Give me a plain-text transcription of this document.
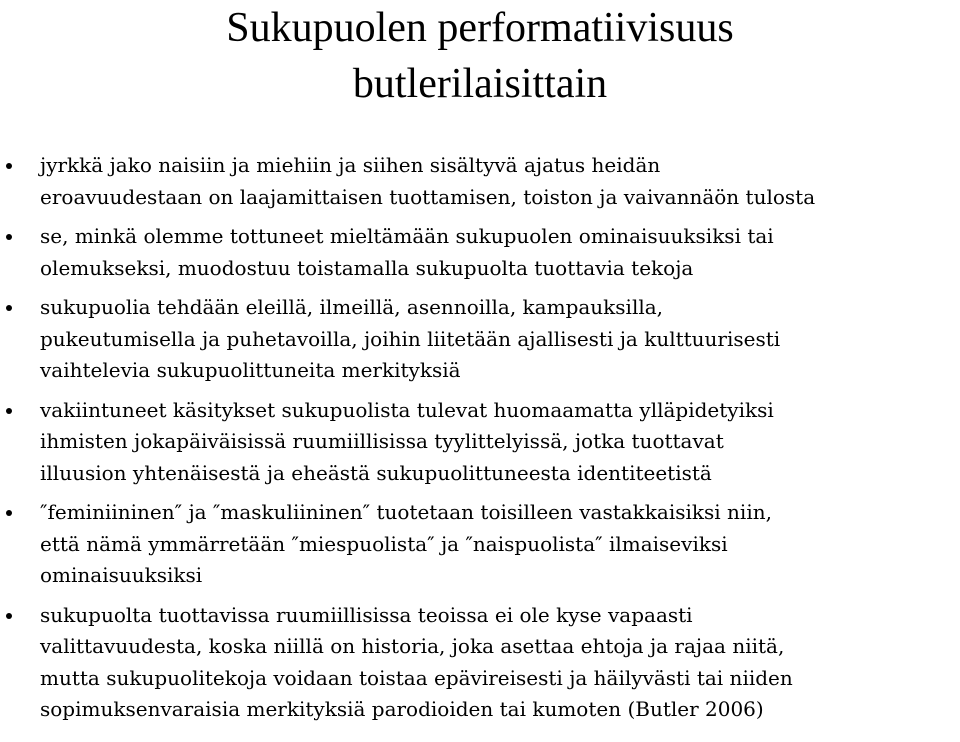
Sukupuolen performatiivisuus
butlerilaisittain
jyrkkä jako naisiin ja miehiin ja siihen sisältyvä ajatus heidän
eroavuudestaan on laajamittaisen tuottamisen, toiston ja vaivannäön tulosta
se, minkä olemme tottuneet mieltämään sukupuolen ominaisuuksiksi tai
olemukseksi, muodostuu toistamalla sukupuolta tuottavia tekoja
sukupuolia tehdään eleillä, ilmeillä, asennoilla, kampauksilla,
pukeutumisella ja puhetavoilla, joihin liitetään ajallisesti ja kulttuurisesti
vaihtelevia sukupuolittuneita merkityksiä
vakiintuneet käsitykset sukupuolista tulevat huomaamatta ylläpidetyiksi
ihmisten jokapäiväisissä ruumiillisissa tyylittelyissä, jotka tuottavat
illuusion yhtenäisestä ja eheästä sukupuolittuneesta identiteetistä
″feminiininen″ ja ″maskuliininen″ tuotetaan toisilleen vastakkaisiksi niin,
että nämä ymmärretään ″miespuolista″ ja ″naispuolista″ ilmaiseviksi
ominaisuuksiksi
sukupuolta tuottavissa ruumiillisissa teoissa ei ole kyse vapaasti
valittavuudesta, koska niillä on historia, joka asettaa ehtoja ja rajaa niitä,
mutta sukupuolitekoja voidaan toistaa epävireisesti ja häilyvästi tai niiden
sopimuksenvaraisia merkityksiä parodioiden tai kumoten (Butler 2006)
